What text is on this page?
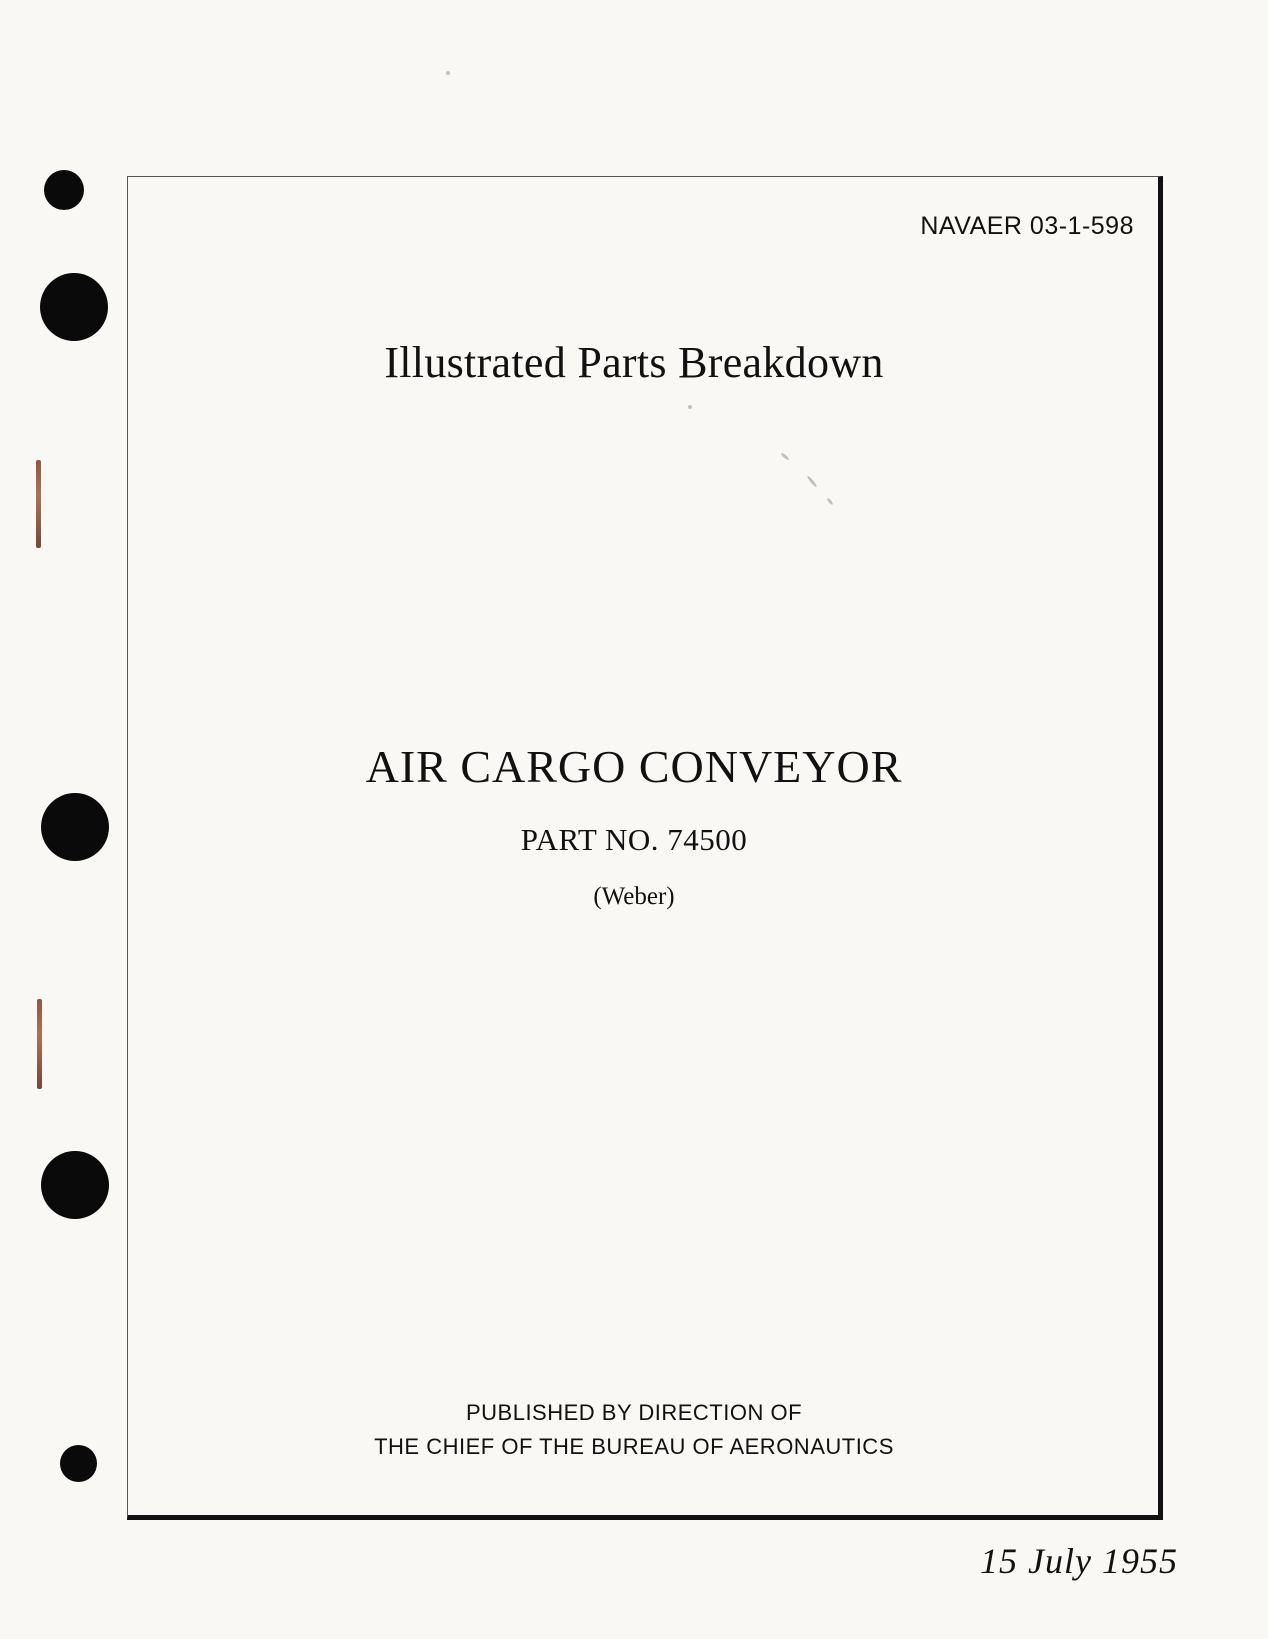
NAVAER 03-1-598
Illustrated Parts Breakdown
AIR CARGO CONVEYOR
PART NO. 74500
(Weber)
PUBLISHED BY DIRECTION OF
THE CHIEF OF THE BUREAU OF AERONAUTICS
15 July 1955
